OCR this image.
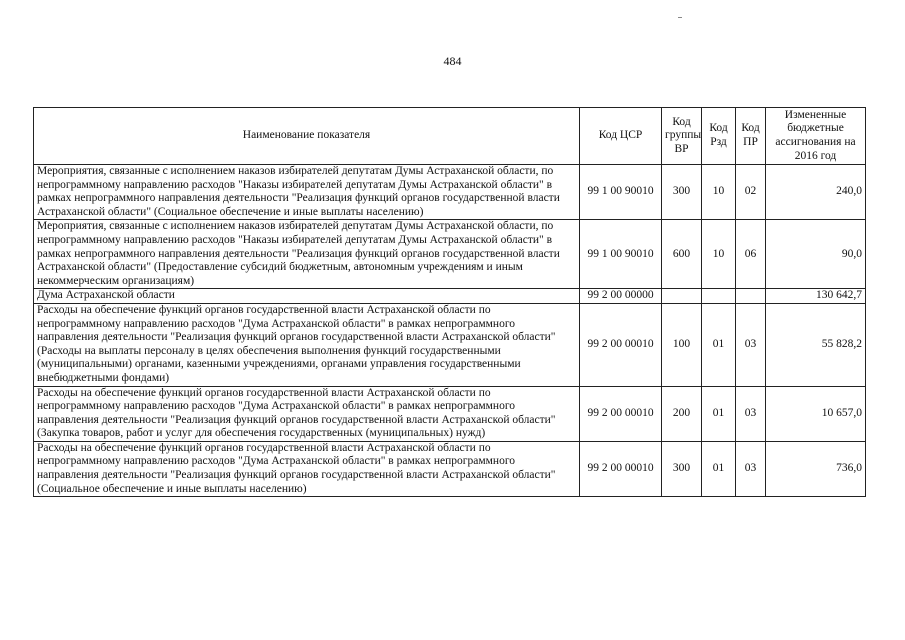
484
Наименование показателя	Код ЦСР	Код группы ВР	Код Рзд	Код ПР	Измененные бюджетные ассигнования на 2016 год
Мероприятия, связанные с исполнением наказов избирателей депутатам Думы Астраханской области, по непрограммному направлению расходов "Наказы избирателей депутатам Думы Астраханской области" в рамках непрограммного направления деятельности "Реализация функций органов государственной власти Астраханской области" (Социальное обеспечение и иные выплаты населению)	99 1 00 90010	300	10	02	240,0
Мероприятия, связанные с исполнением наказов избирателей депутатам Думы Астраханской области, по непрограммному направлению расходов "Наказы избирателей депутатам Думы Астраханской области" в рамках непрограммного направления деятельности "Реализация функций органов государственной власти Астраханской области" (Предоставление субсидий бюджетным, автономным учреждениям и иным некоммерческим организациям)	99 1 00 90010	600	10	06	90,0
Дума Астраханской области	99 2 00 00000				130 642,7
Расходы на обеспечение функций органов государственной власти Астраханской области по непрограммному направлению расходов "Дума Астраханской области" в рамках непрограммного направления деятельности "Реализация функций органов государственной власти Астраханской области" (Расходы на выплаты персоналу в целях обеспечения выполнения функций государственными (муниципальными) органами, казенными учреждениями, органами управления государственными внебюджетными фондами)	99 2 00 00010	100	01	03	55 828,2
Расходы на обеспечение функций органов государственной власти Астраханской области по непрограммному направлению расходов "Дума Астраханской области" в рамках непрограммного направления деятельности "Реализация функций органов государственной власти Астраханской области" (Закупка товаров, работ и услуг для обеспечения государственных (муниципальных) нужд)	99 2 00 00010	200	01	03	10 657,0
Расходы на обеспечение функций органов государственной власти Астраханской области по непрограммному направлению расходов "Дума Астраханской области" в рамках непрограммного направления деятельности "Реализация функций органов государственной власти Астраханской области" (Социальное обеспечение и иные выплаты населению)	99 2 00 00010	300	01	03	736,0
